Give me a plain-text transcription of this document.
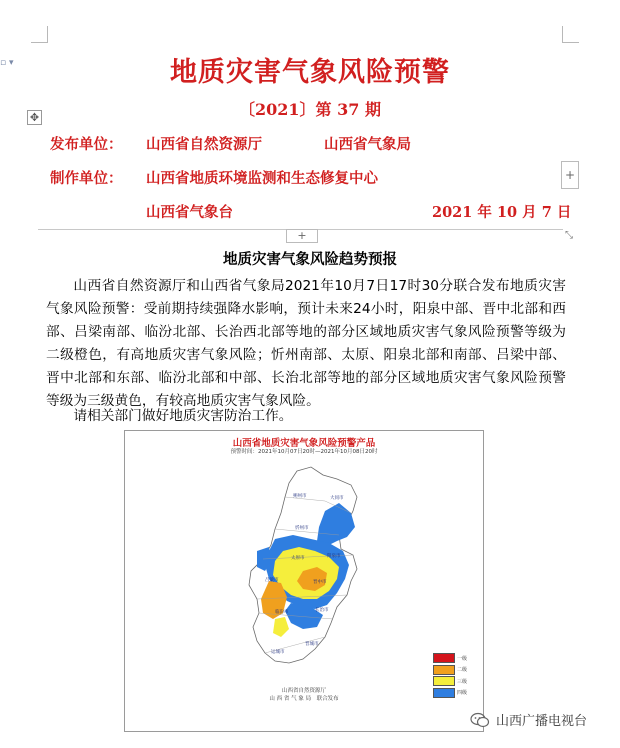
▫ ▾	地质灾害气象风险预警
〔2021〕第 37 期
✥
发布单位： 山西省自然资源厅	山西省气象局
制作单位： 山西省地质环境监测和生态修复中心	+
山西省气象台	2021 年 10 月 7 日
+	⤡
地质灾害气象风险趋势预报
山西省自然资源厅和山西省气象局2021年10月7日17时30分联合发布地质灾害气象风险预警：受前期持续强降水影响，预计未来24小时，阳泉中部、晋中北部和西部、吕梁南部、临汾北部、长治西北部等地的部分区域地质灾害气象风险预警等级为二级橙色，有高地质灾害气象风险；忻州南部、太原、阳泉北部和南部、吕梁中部、晋中北部和东部、临汾北部和中部、长治北部等地的部分区域地质灾害气象风险预警等级为三级黄色，有较高地质灾害气象风险。
请相关部门做好地质灾害防治工作。
山西省地质灾害气象风险预警产品
预警时间：2021年10月07日20时—2021年10月08日20时
大同市
朔州市
忻州市
阳泉市
太原市
晋中市
吕梁市
长治市
临汾市
晋城市
运城市
一级
二级
三级
四级
山西省自然资源厅
山 西 省 气 象 局　联合发布
山西广播电视台
